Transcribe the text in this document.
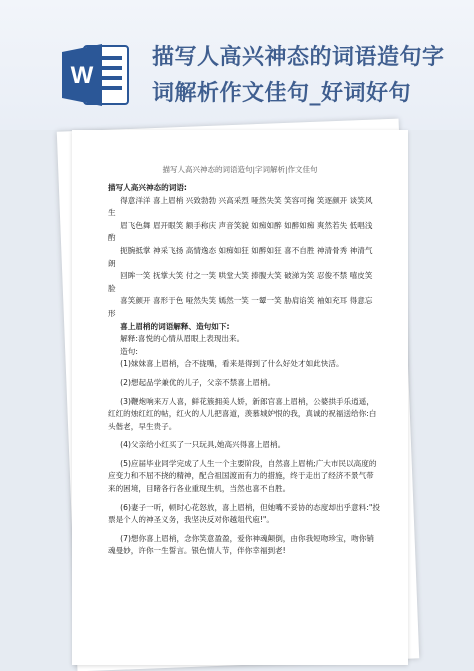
W
描写人高兴神态的词语造句字
词解析作文佳句_好词好句
描写人高兴神态的词语造句|字词解析|作文佳句

描写人高兴神态的词语:

得意洋洋 喜上眉梢 兴致勃勃 兴高采烈 哑然失笑 笑容可掬 笑逐颜开 谈笑风生

眉飞色舞 眉开眼笑 额手称庆 声音笑貌 如痴如醉 如醉如痴 爽然若失 低唱浅酌

扼腕抵掌 神采飞扬 高情逸态 如痴如狂 如醉如狂 喜不自胜 神清骨秀 神清气朗

回眸一笑 抚掌大笑 付之一笑 哄堂大笑 捧腹大笑 破涕为笑 忍俊不禁 嘻皮笑脸

喜笑颜开 喜形于色 哑然失笑 嫣然一笑 一颦一笑 胁肩谄笑 袖如充耳 得意忘形

喜上眉梢的词语解释、造句如下:

解释:喜悦的心情从眉眼上表现出来。

造句:

(1)妹妹喜上眉梢，合不拢嘴，看来是得到了什么好处才如此快活。

(2)想起品学兼优的儿子，父亲不禁喜上眉梢。

(3)鞭炮响来万人喜，鲜花簇拥美人娇，新郎官喜上眉梢，公婆拱手乐逍遥，红红的烛红红的帖，红火的人儿把喜道，羡慕城妒恨的我，真诚的祝福送给你:白头偕老，早生贵子。

(4)父亲给小红买了一只玩具,她高兴得喜上眉梢。

(5)应届毕业同学完成了人生一个主要阶段，自然喜上眉梢;广大市民以高度的应变力和不屈不挠的精神，配合祖国渡而有力的措施，终于走出了经济不景气带来的困境，目睹各行各业重现生机，当然也喜不自胜。

(6)妻子一听，顿时心花怒放，喜上眉梢，但她嘴不妥协的态度却出乎意料:"投票是个人的神圣义务，我坚决反对你越俎代庖!"。

(7)想你喜上眉梢，念你笑意盈盈，爱你神魂颠倒，由你我短吻珍宝，吻你销魂曼妙，许你一生誓言。银色情人节，伴你幸福到老!
